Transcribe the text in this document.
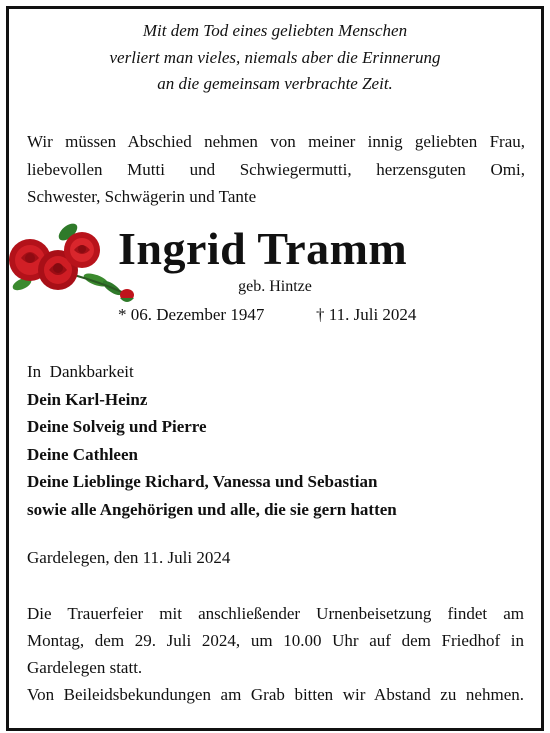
Mit dem Tod eines geliebten Menschen
verliert man vieles, niemals aber die Erinnerung
an die gemeinsam verbrachte Zeit.
Wir müssen Abschied nehmen von meiner innig geliebten Frau,
liebevollen Mutti und Schwiegermutti, herzensguten Omi,
Schwester, Schwägerin und Tante
Ingrid Tramm
geb. Hintze
* 06. Dezember 1947	† 11. Juli 2024
In  Dankbarkeit
Dein Karl-Heinz
Deine Solveig und Pierre
Deine Cathleen
Deine Lieblinge Richard, Vanessa und Sebastian
sowie alle Angehörigen und alle, die sie gern hatten
Gardelegen, den 11. Juli 2024
Die Trauerfeier mit anschließender Urnenbeisetzung findet am
Montag, dem 29. Juli 2024, um 10.00 Uhr auf dem Friedhof in
Gardelegen statt.
Von Beileidsbekundungen am Grab bitten wir Abstand zu nehmen.
